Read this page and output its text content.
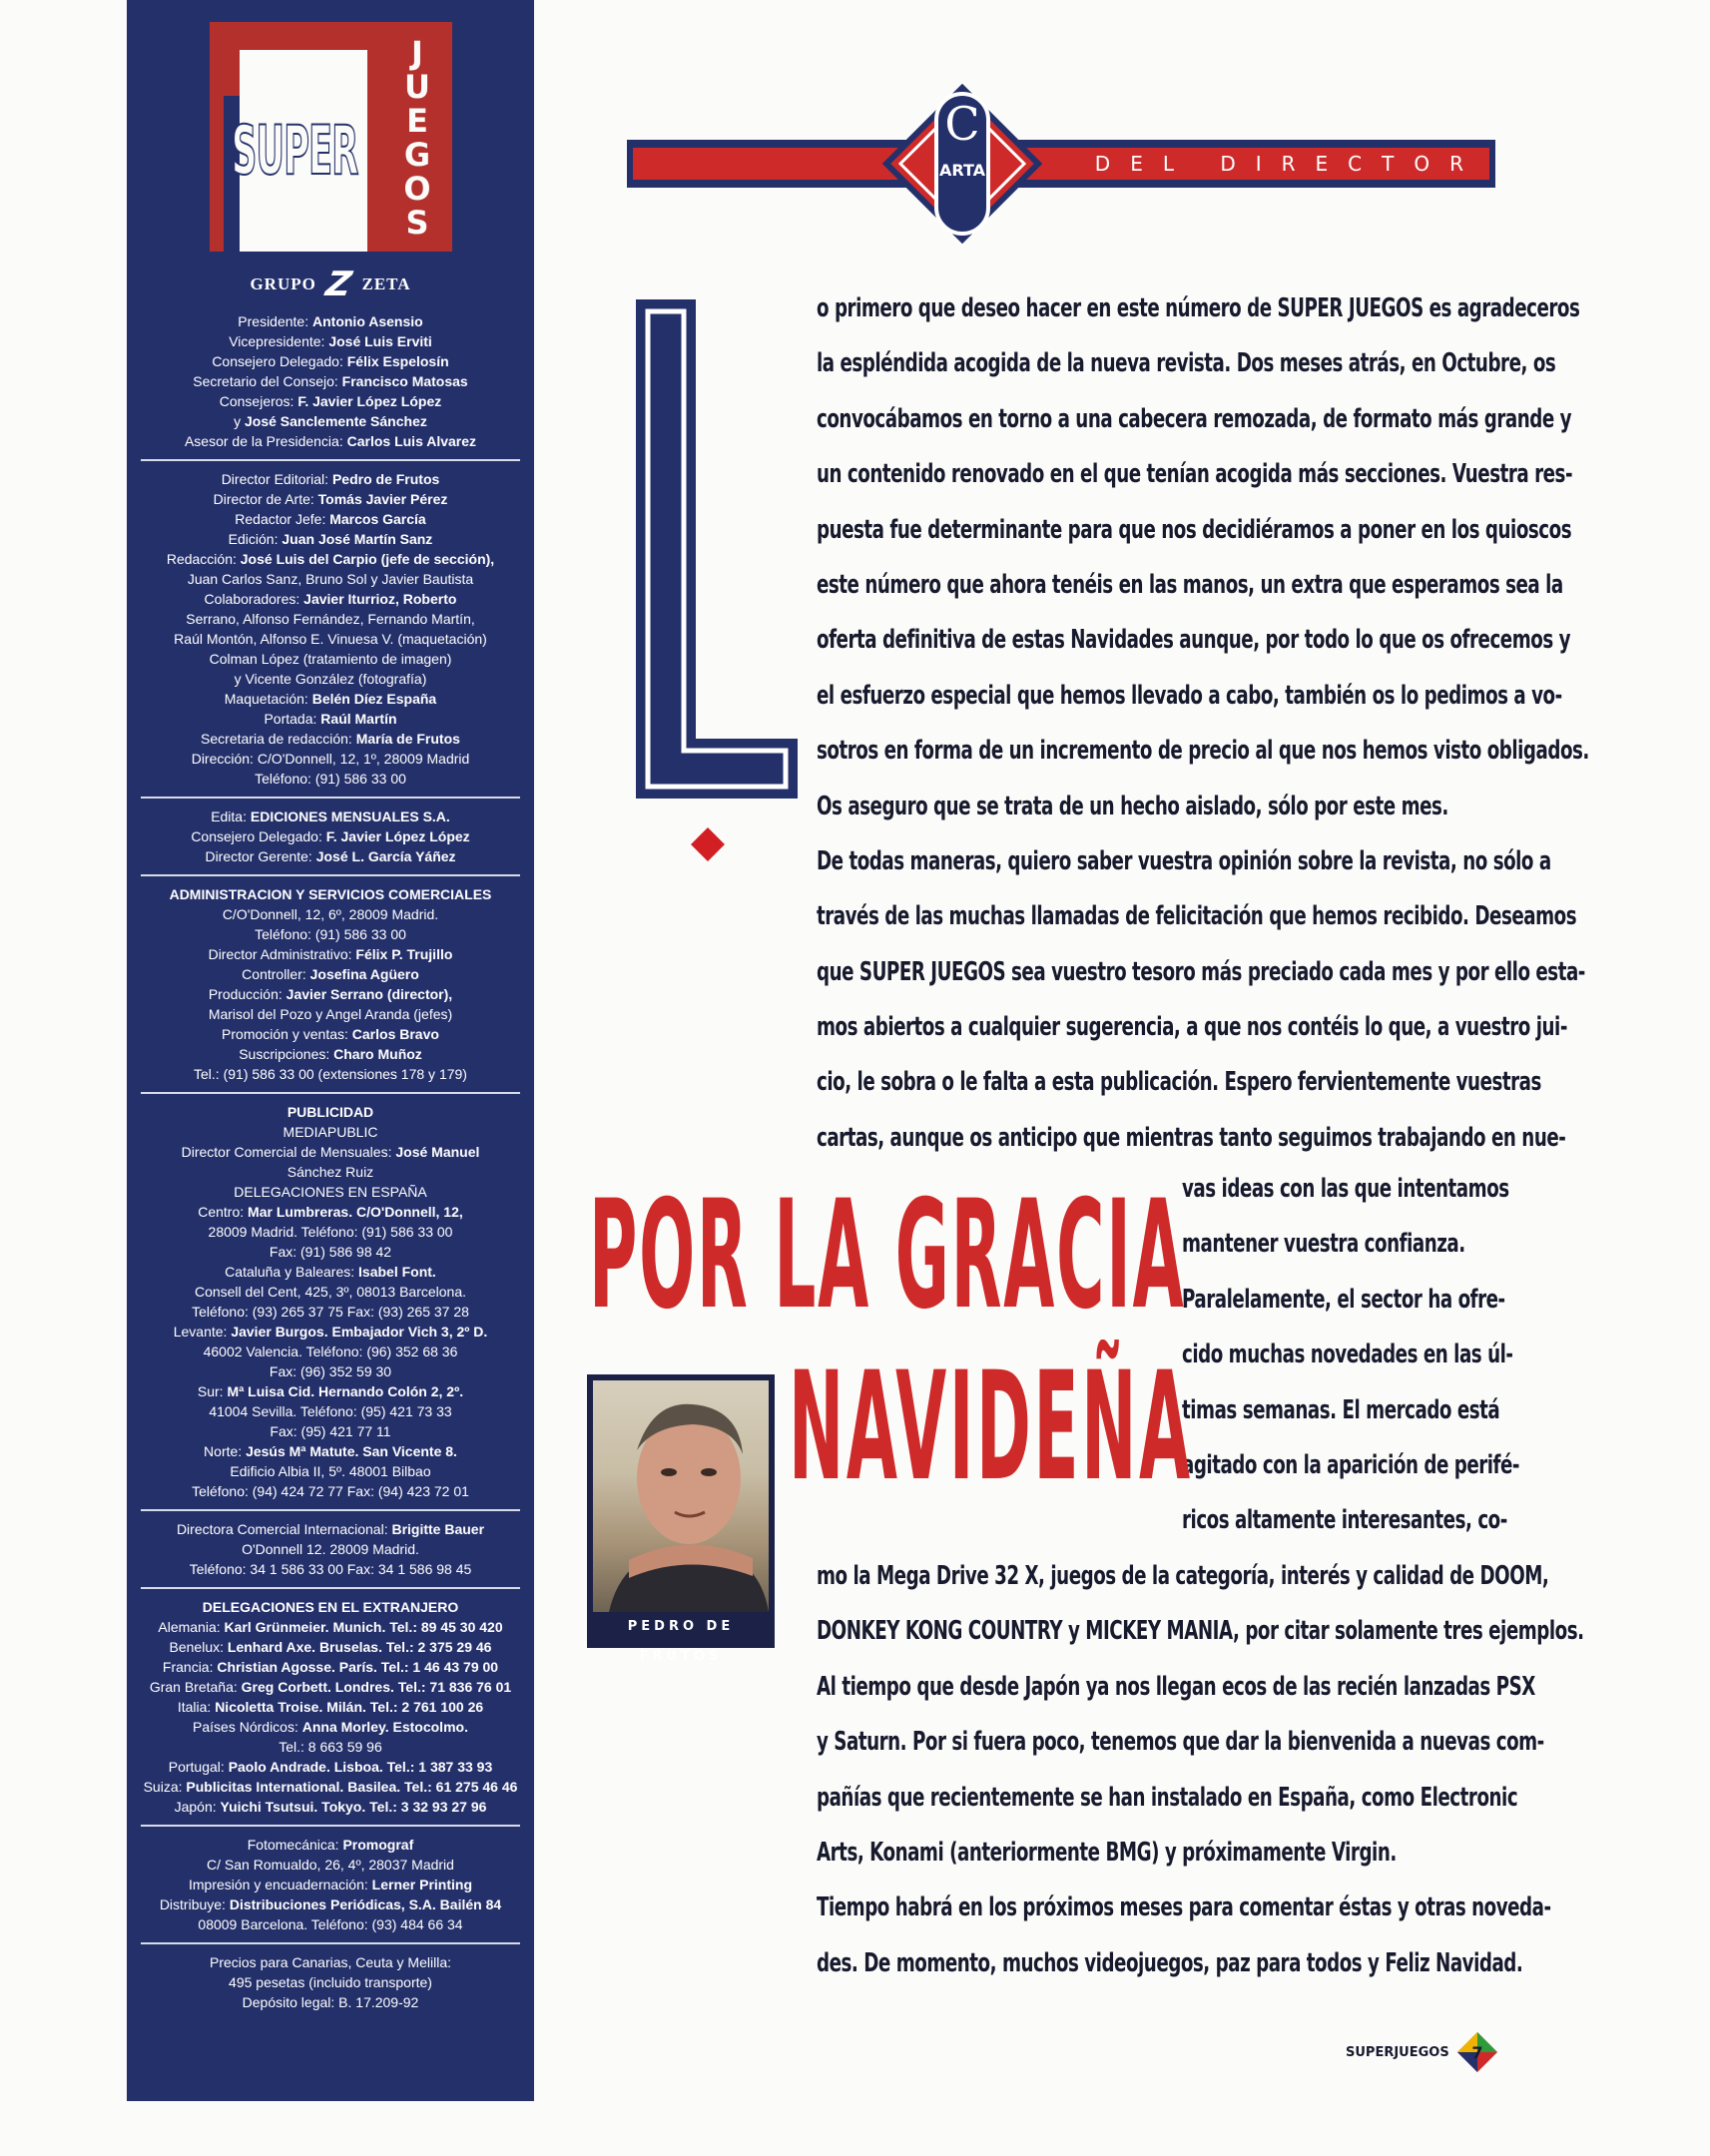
SUPER
J
U
E
G
O
S
GRUPO Z ZETA
Presidente: Antonio Asensio
Vicepresidente: José Luis Erviti
Consejero Delegado: Félix Espelosín
Secretario del Consejo: Francisco Matosas
Consejeros: F. Javier López López
y José Sanclemente Sánchez
Asesor de la Presidencia: Carlos Luis Alvarez
Director Editorial: Pedro de Frutos
Director de Arte: Tomás Javier Pérez
Redactor Jefe: Marcos García
Edición: Juan José Martín Sanz
Redacción: José Luis del Carpio (jefe de sección),
Juan Carlos Sanz, Bruno Sol y Javier Bautista
Colaboradores: Javier Iturrioz, Roberto
Serrano, Alfonso Fernández, Fernando Martín,
Raúl Montón, Alfonso E. Vinuesa V. (maquetación)
Colman López (tratamiento de imagen)
y Vicente González (fotografía)
Maquetación: Belén Díez España
Portada: Raúl Martín
Secretaria de redacción: María de Frutos
Dirección: C/O'Donnell, 12, 1º, 28009 Madrid
Teléfono: (91) 586 33 00
Edita: EDICIONES MENSUALES S.A.
Consejero Delegado: F. Javier López López
Director Gerente: José L. García Yáñez
ADMINISTRACION Y SERVICIOS COMERCIALES
C/O'Donnell, 12, 6º, 28009 Madrid.
Teléfono: (91) 586 33 00
Director Administrativo: Félix P. Trujillo
Controller: Josefina Agüero
Producción: Javier Serrano (director),
Marisol del Pozo y Angel Aranda (jefes)
Promoción y ventas: Carlos Bravo
Suscripciones: Charo Muñoz
Tel.: (91) 586 33 00 (extensiones 178 y 179)
PUBLICIDAD
MEDIAPUBLIC
Director Comercial de Mensuales: José Manuel
Sánchez Ruiz
DELEGACIONES EN ESPAÑA
Centro: Mar Lumbreras. C/O'Donnell, 12,
28009 Madrid. Teléfono: (91) 586 33 00
Fax: (91) 586 98 42
Cataluña y Baleares: Isabel Font.
Consell del Cent, 425, 3º, 08013 Barcelona.
Teléfono: (93) 265 37 75 Fax: (93) 265 37 28
Levante: Javier Burgos. Embajador Vich 3, 2º D.
46002 Valencia. Teléfono: (96) 352 68 36
Fax: (96) 352 59 30
Sur: Mª Luisa Cid. Hernando Colón 2, 2º.
41004 Sevilla. Teléfono: (95) 421 73 33
Fax: (95) 421 77 11
Norte: Jesús Mª Matute. San Vicente 8.
Edificio Albia II, 5º. 48001 Bilbao
Teléfono: (94) 424 72 77 Fax: (94) 423 72 01
Directora Comercial Internacional: Brigitte Bauer
O'Donnell 12. 28009 Madrid.
Teléfono: 34 1 586 33 00 Fax: 34 1 586 98 45
DELEGACIONES EN EL EXTRANJERO
Alemania: Karl Grünmeier. Munich. Tel.: 89 45 30 420
Benelux: Lenhard Axe. Bruselas. Tel.: 2 375 29 46
Francia: Christian Agosse. París. Tel.: 1 46 43 79 00
Gran Bretaña: Greg Corbett. Londres. Tel.: 71 836 76 01
Italia: Nicoletta Troise. Milán. Tel.: 2 761 100 26
Países Nórdicos: Anna Morley. Estocolmo.
Tel.: 8 663 59 96
Portugal: Paolo Andrade. Lisboa. Tel.: 1 387 33 93
Suiza: Publicitas International. Basilea. Tel.: 61 275 46 46
Japón: Yuichi Tsutsui. Tokyo. Tel.: 3 32 93 27 96
Fotomecánica: Promograf
C/ San Romualdo, 26, 4º, 28037 Madrid
Impresión y encuadernación: Lerner Printing
Distribuye: Distribuciones Periódicas, S.A. Bailén 84
08009 Barcelona. Teléfono: (93) 484 66 34
Precios para Canarias, Ceuta y Melilla:
495 pesetas (incluido transporte)
Depósito legal: B. 17.209-92
C
ARTA	DEL DIRECTOR
o primero que deseo hacer en este número de SUPER JUEGOS es agradeceros
la espléndida acogida de la nueva revista. Dos meses atrás, en Octubre, os
convocábamos en torno a una cabecera remozada, de formato más grande y
un contenido renovado en el que tenían acogida más secciones. Vuestra res-
puesta fue determinante para que nos decidiéramos a poner en los quioscos
este número que ahora tenéis en las manos, un extra que esperamos sea la
oferta definitiva de estas Navidades aunque, por todo lo que os ofrecemos y
el esfuerzo especial que hemos llevado a cabo, también os lo pedimos a vo-
sotros en forma de un incremento de precio al que nos hemos visto obligados.
Os aseguro que se trata de un hecho aislado, sólo por este mes.
De todas maneras, quiero saber vuestra opinión sobre la revista, no sólo a
través de las muchas llamadas de felicitación que hemos recibido. Deseamos
que SUPER JUEGOS sea vuestro tesoro más preciado cada mes y por ello esta-
mos abiertos a cualquier sugerencia, a que nos contéis lo que, a vuestro jui-
cio, le sobra o le falta a esta publicación. Espero fervientemente vuestras
cartas, aunque os anticipo que mientras tanto seguimos trabajando en nue-
vas ideas con las que intentamos
mantener vuestra confianza.
Paralelamente, el sector ha ofre-
cido muchas novedades en las úl-
timas semanas. El mercado está
agitado con la aparición de perifé-
ricos altamente interesantes, co-
mo la Mega Drive 32 X, juegos de la categoría, interés y calidad de DOOM,
DONKEY KONG COUNTRY y MICKEY MANIA, por citar solamente tres ejemplos.
Al tiempo que desde Japón ya nos llegan ecos de las recién lanzadas PSX
y Saturn. Por si fuera poco, tenemos que dar la bienvenida a nuevas com-
pañías que recientemente se han instalado en España, como Electronic
Arts, Konami (anteriormente BMG) y próximamente Virgin.
Tiempo habrá en los próximos meses para comentar éstas y otras noveda-
des. De momento, muchos videojuegos, paz para todos y Feliz Navidad.
POR LA GRACIA
NAVIDEÑA
PEDRO DE FRUTOS
SUPERJUEGOS 7
